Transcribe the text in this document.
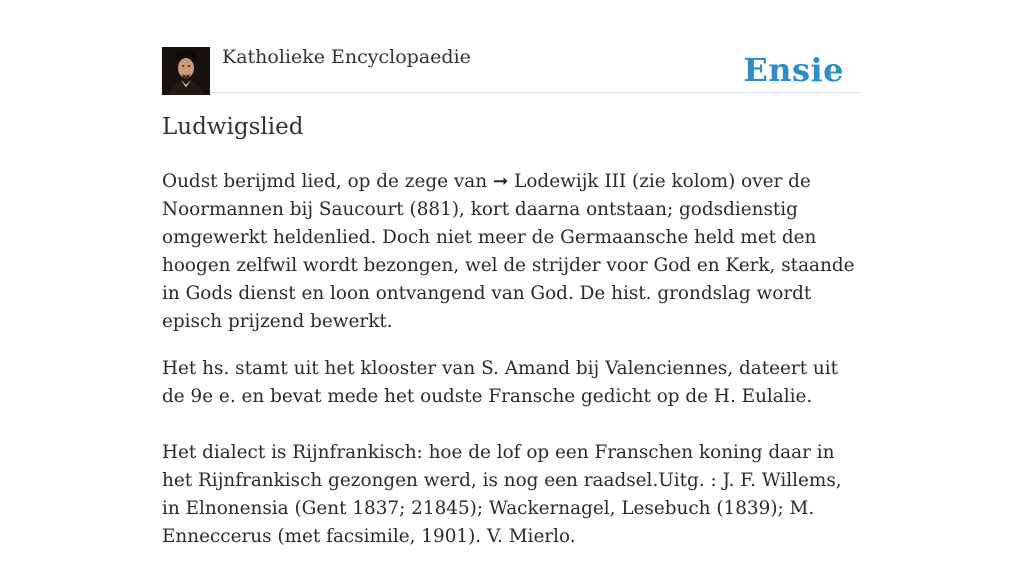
Katholieke Encyclopaedie	Ensie
Ludwigslied

Oudst berijmd lied, op de zege van ➞ Lodewijk III (zie kolom) over de Noormannen bij Saucourt (881), kort daarna ontstaan; godsdienstig omgewerkt heldenlied. Doch niet meer de Germaansche held met den hoogen zelfwil wordt bezongen, wel de strijder voor God en Kerk, staande in Gods dienst en loon ontvangend van God. De hist. grondslag wordt episch prijzend bewerkt.

Het hs. stamt uit het klooster van S. Amand bij Valenciennes, dateert uit de 9e e. en bevat mede het oudste Fransche gedicht op de H. Eulalie.

Het dialect is Rijnfrankisch: hoe de lof op een Franschen koning daar in het Rijnfrankisch gezongen werd, is nog een raadsel.Uitg. : J. F. Willems, in Elnonensia (Gent 1837; 21845); Wackernagel, Lesebuch (1839); M. Enneccerus (met facsimile, 1901). V. Mierlo.
